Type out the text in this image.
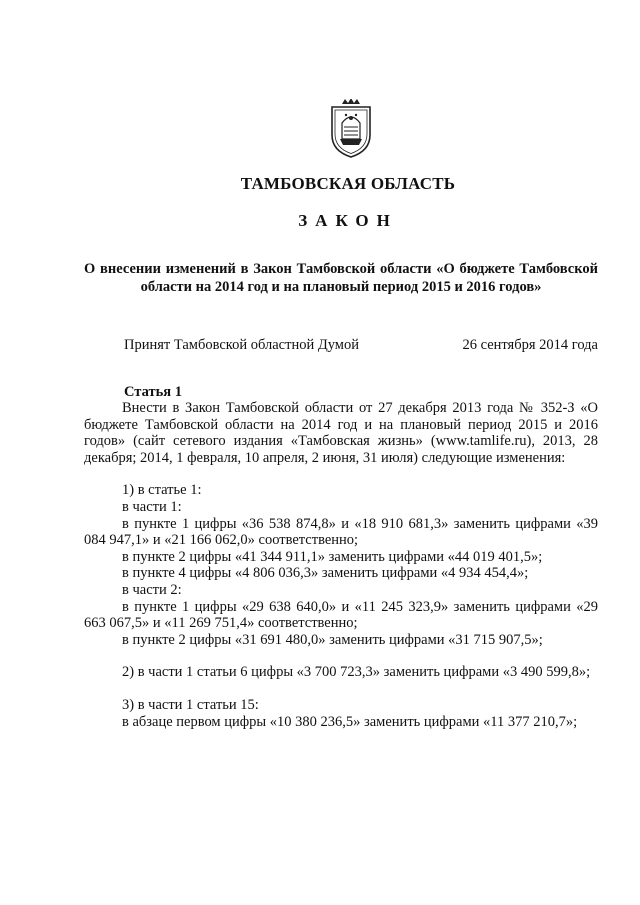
ТАМБОВСКАЯ ОБЛАСТЬ
ЗАКОН
О внесении изменений в Закон Тамбовской области «О бюджете Тамбовской области на 2014 год и на плановый период 2015 и 2016 годов»
Принят Тамбовской областной Думой	26 сентября 2014 года
Статья 1

Внести в Закон Тамбовской области от 27 декабря 2013 года № 352-З «О бюджете Тамбовской области на 2014 год и на плановый период 2015 и 2016 годов» (сайт сетевого издания «Тамбовская жизнь» (www.tamlife.ru), 2013, 28 декабря; 2014, 1 февраля, 10 апреля, 2 июня, 31 июля) следующие изменения:

1) в статье 1:

в части 1:

в пункте 1 цифры «36 538 874,8» и «18 910 681,3» заменить цифрами «39 084 947,1» и «21 166 062,0» соответственно;

в пункте 2 цифры «41 344 911,1» заменить цифрами «44 019 401,5»;

в пункте 4 цифры «4 806 036,3» заменить цифрами «4 934 454,4»;

в части 2:

в пункте 1 цифры «29 638 640,0» и «11 245 323,9» заменить цифрами «29 663 067,5» и «11 269 751,4» соответственно;

в пункте 2 цифры «31 691 480,0» заменить цифрами «31 715 907,5»;

2) в части 1 статьи 6 цифры «3 700 723,3» заменить цифрами «3 490 599,8»;

3) в части 1 статьи 15:

в абзаце первом цифры «10 380 236,5» заменить цифрами «11 377 210,7»;
